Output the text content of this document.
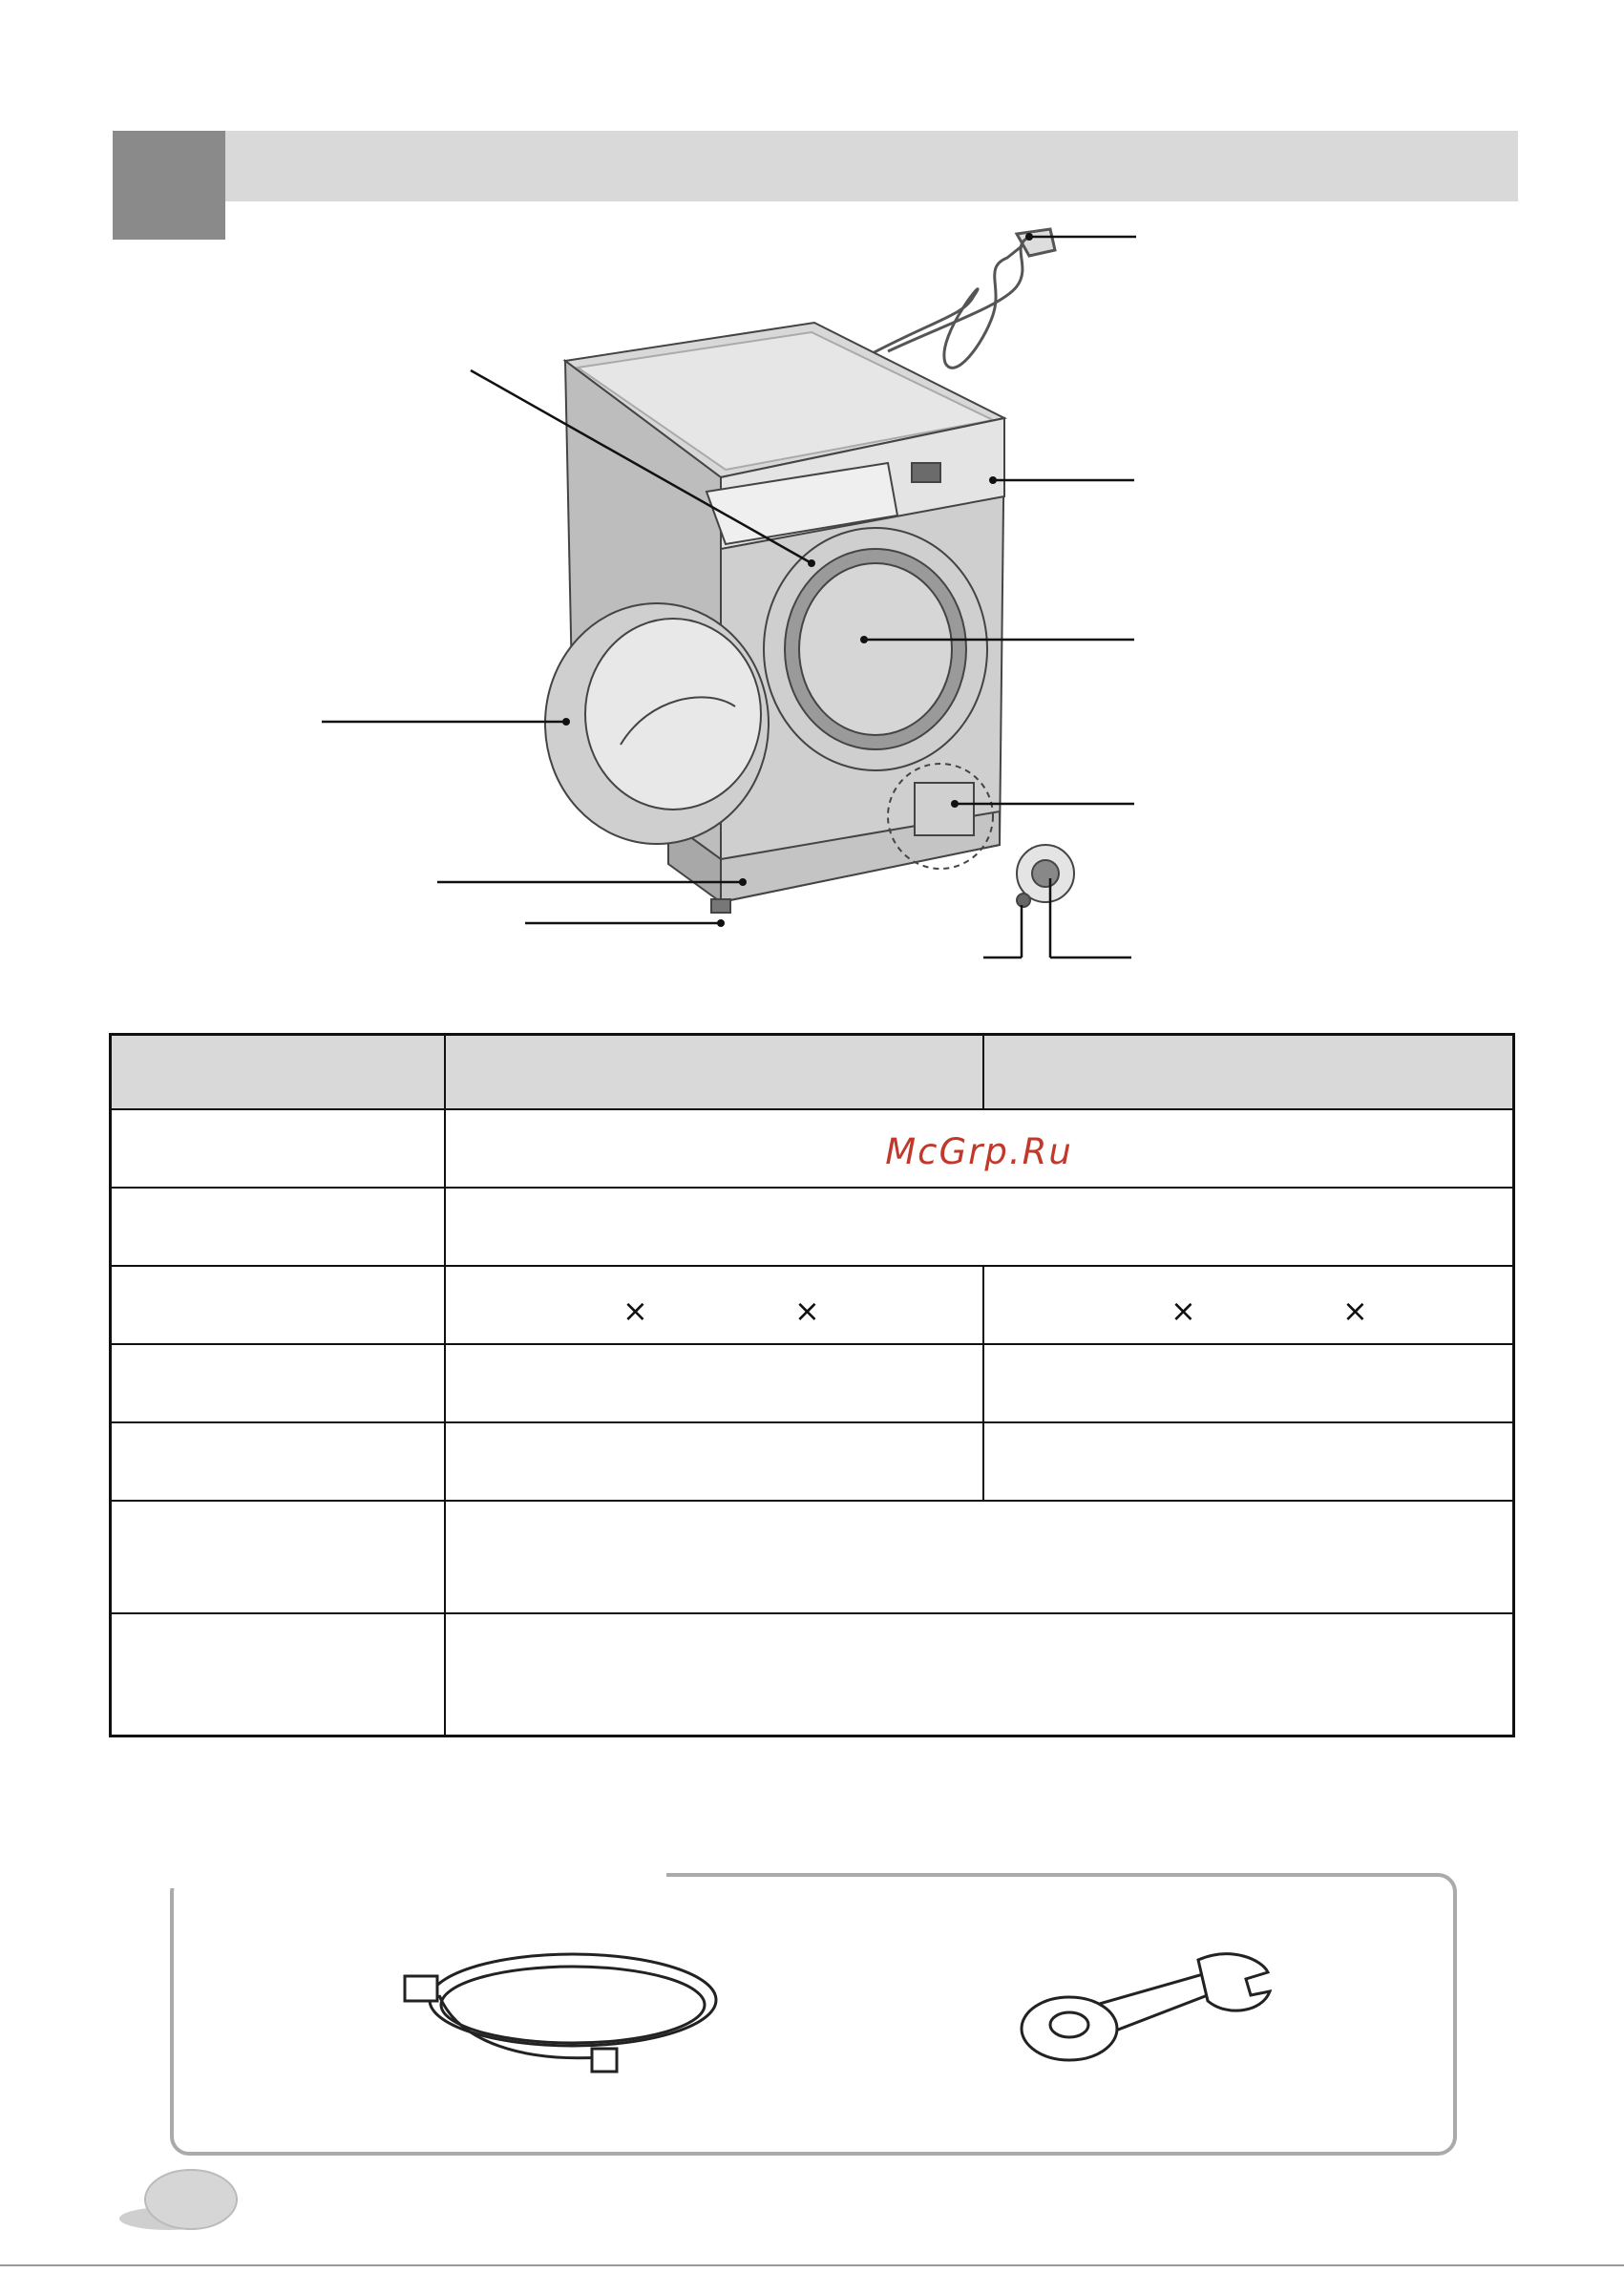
	McGrp.Ru	

	× ×	× ×
